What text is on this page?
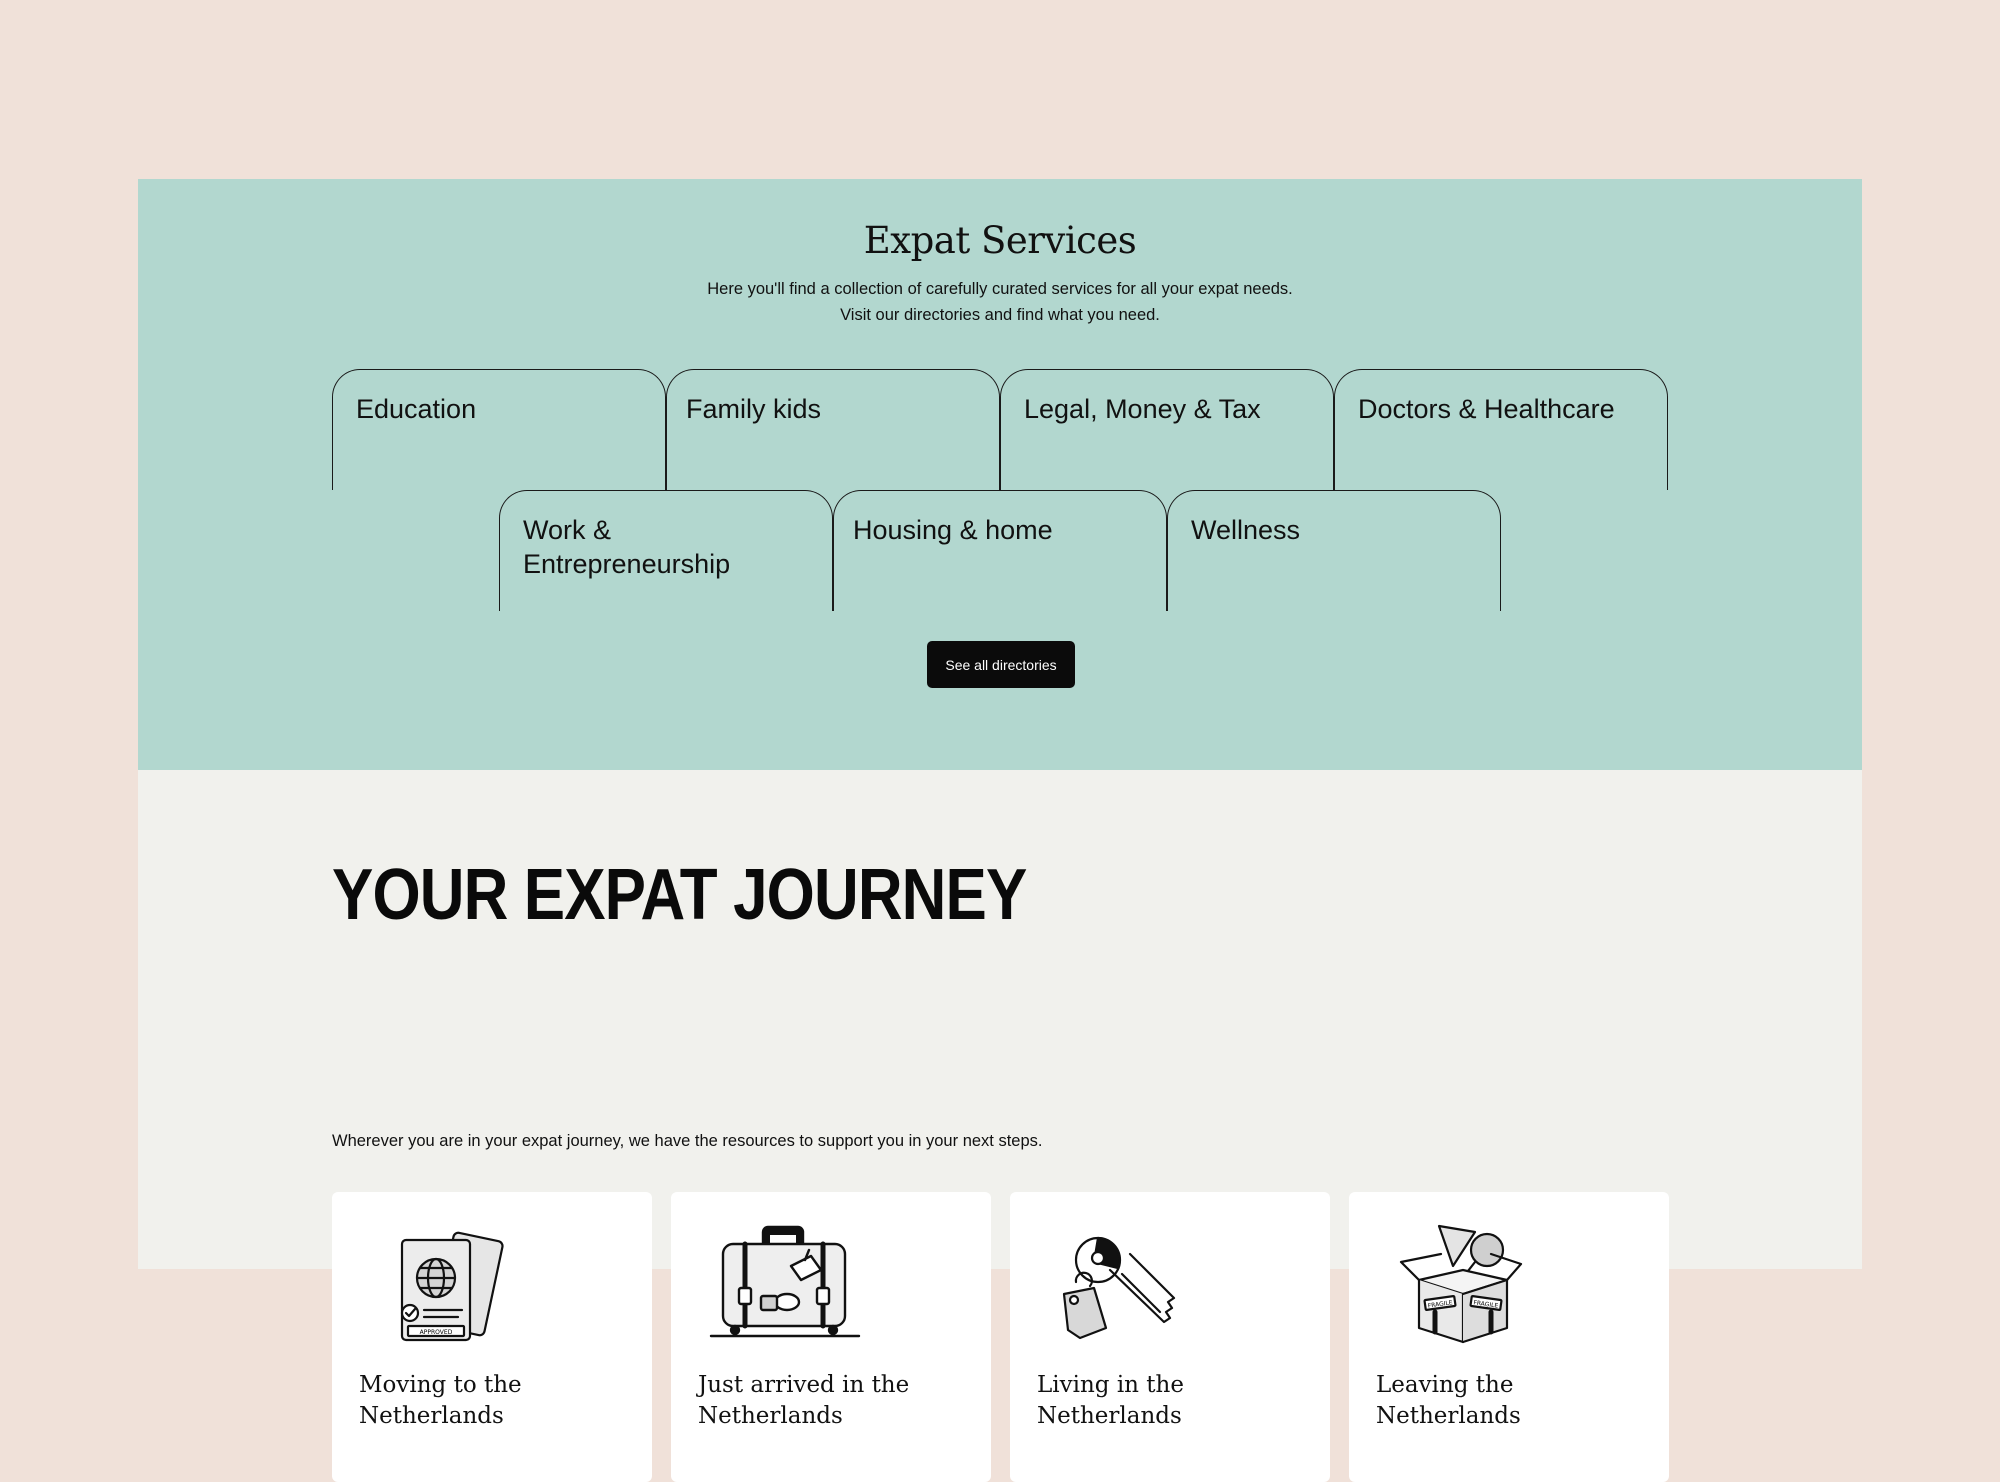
Expat Services

Here you'll find a collection of carefully curated services for all your expat needs.
Visit our directories and find what you need.

Education	Family kids	Legal, Money & Tax	Doctors & Healthcare
Work & Entrepreneurship
Housing & home	Wellness
See all directories
YOUR EXPAT JOURNEY

Wherever you are in your expat journey, we have the resources to support you in your next steps.

APPROVED
Moving to the Netherlands
Just arrived in the Netherlands
Living in the Netherlands
FRAGILE	FRAGILE
Leaving the Netherlands
